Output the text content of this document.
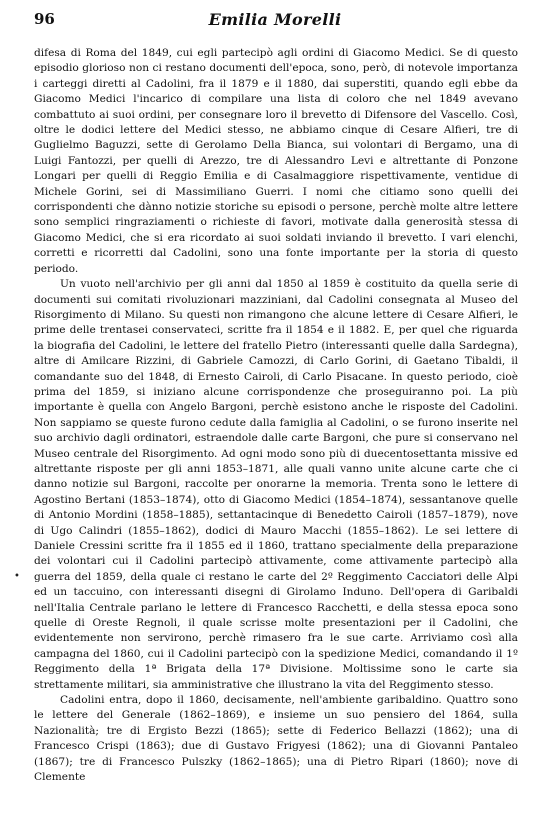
96	Emilia Morelli
•

difesa di Roma del 1849, cui egli partecipò agli ordini di Giacomo Medici. Se di questo episodio glorioso non ci restano documenti dell'epoca, sono, però, di notevole importanza i carteggi diretti al Cadolini, fra il 1879 e il 1880, dai superstiti, quando egli ebbe da Giacomo Medici l'incarico di compilare una lista di coloro che nel 1849 avevano combattuto ai suoi ordini, per consegnare loro il brevetto di Difensore del Vascello. Così, oltre le dodici lettere del Medici stesso, ne abbiamo cinque di Cesare Alfieri, tre di Guglielmo Baguzzi, sette di Gerolamo Della Bianca, sui volontari di Bergamo, una di Luigi Fantozzi, per quelli di Arezzo, tre di Alessandro Levi e altrettante di Ponzone Longari per quelli di Reggio Emilia e di Casalmaggiore rispettivamente, ventidue di Michele Gorini, sei di Massimiliano Guerri. I nomi che citiamo sono quelli dei corrispondenti che dànno notizie storiche su episodi o persone, perchè molte altre lettere sono semplici ringraziamenti o richieste di favori, motivate dalla generosità stessa di Giacomo Medici, che si era ricordato ai suoi soldati inviando il brevetto. I vari elenchi, corretti e ricorretti dal Cadolini, sono una fonte importante per la storia di questo periodo.

Un vuoto nell'archivio per gli anni dal 1850 al 1859 è costituito da quella serie di documenti sui comitati rivoluzionari mazziniani, dal Cadolini consegnata al Museo del Risorgimento di Milano. Su questi non rimangono che alcune lettere di Cesare Alfieri, le prime delle trentasei conservateci, scritte fra il 1854 e il 1882. E, per quel che riguarda la biografia del Cadolini, le lettere del fratello Pietro (interessanti quelle dalla Sardegna), altre di Amilcare Rizzini, di Gabriele Camozzi, di Carlo Gorini, di Gaetano Tibaldi, il comandante suo del 1848, di Ernesto Cairoli, di Carlo Pisacane. In questo periodo, cioè prima del 1859, si iniziano alcune corrispondenze che proseguiranno poi. La più importante è quella con Angelo Bargoni, perchè esistono anche le risposte del Cadolini. Non sappiamo se queste furono cedute dalla famiglia al Cadolini, o se furono inserite nel suo archivio dagli ordinatori, estraendole dalle carte Bargoni, che pure si conservano nel Museo centrale del Risorgimento. Ad ogni modo sono più di duecentosettanta missive ed altrettante risposte per gli anni 1853–1871, alle quali vanno unite alcune carte che ci danno notizie sul Bargoni, raccolte per onorarne la memoria. Trenta sono le lettere di Agostino Bertani (1853–1874), otto di Giacomo Medici (1854–1874), sessantanove quelle di Antonio Mordini (1858–1885), settantacinque di Benedetto Cairoli (1857–1879), nove di Ugo Calindri (1855–1862), dodici di Mauro Macchi (1855–1862). Le sei lettere di Daniele Cressini scritte fra il 1855 ed il 1860, trattano specialmente della preparazione dei volontari cui il Cadolini partecipò attivamente, come attivamente partecipò alla guerra del 1859, della quale ci restano le carte del 2º Reggimento Cacciatori delle Alpi ed un taccuino, con interessanti disegni di Girolamo Induno. Dell'opera di Garibaldi nell'Italia Centrale parlano le lettere di Francesco Racchetti, e della stessa epoca sono quelle di Oreste Regnoli, il quale scrisse molte presentazioni per il Cadolini, che evidentemente non servirono, perchè rimasero fra le sue carte. Arriviamo così alla campagna del 1860, cui il Cadolini partecipò con la spedizione Medici, comandando il 1º Reggimento della 1ª Brigata della 17ª Divisione. Moltissime sono le carte sia strettamente militari, sia amministrative che illustrano la vita del Reggimento stesso.

Cadolini entra, dopo il 1860, decisamente, nell'ambiente garibaldino. Quattro sono le lettere del Generale (1862–1869), e insieme un suo pensiero del 1864, sulla Nazionalità; tre di Ergisto Bezzi (1865); sette di Federico Bellazzi (1862); una di Francesco Crispi (1863); due di Gustavo Frigyesi (1862); una di Giovanni Pantaleo (1867); tre di Francesco Pulszky (1862–1865); una di Pietro Ripari (1860); nove di Clemente
